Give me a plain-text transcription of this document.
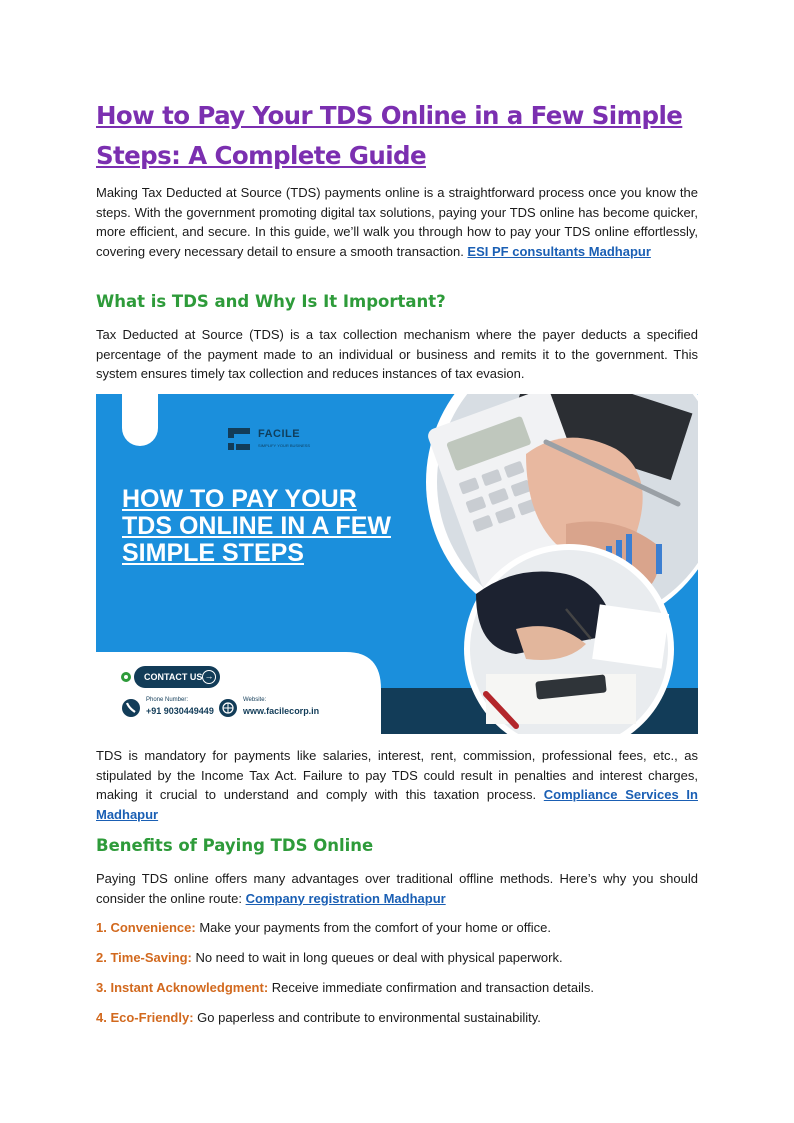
How to Pay Your TDS Online in a Few Simple Steps: A Complete Guide

Making Tax Deducted at Source (TDS) payments online is a straightforward process once you know the steps. With the government promoting digital tax solutions, paying your TDS online has become quicker, more efficient, and secure. In this guide, we’ll walk you through how to pay your TDS online effortlessly, covering every necessary detail to ensure a smooth transaction. ESI PF consultants Madhapur

What is TDS and Why Is It Important?

Tax Deducted at Source (TDS) is a tax collection mechanism where the payer deducts a specified percentage of the payment made to an individual or business and remits it to the government. This system ensures timely tax collection and reduces instances of tax evasion.

FACILE
SIMPLIFY YOUR BUSINESS
HOW TO PAY YOUR TDS ONLINE IN A FEW SIMPLE STEPS
CONTACT US →
Phone Number:
+91 9030449449
Website:
www.facilecorp.in

TDS is mandatory for payments like salaries, interest, rent, commission, professional fees, etc., as stipulated by the Income Tax Act. Failure to pay TDS could result in penalties and interest charges, making it crucial to understand and comply with this taxation process. Compliance Services In Madhapur

Benefits of Paying TDS Online

Paying TDS online offers many advantages over traditional offline methods. Here’s why you should consider the online route: Company registration Madhapur

1. Convenience: Make your payments from the comfort of your home or office.

2. Time-Saving: No need to wait in long queues or deal with physical paperwork.

3. Instant Acknowledgment: Receive immediate confirmation and transaction details.

4. Eco-Friendly: Go paperless and contribute to environmental sustainability.
